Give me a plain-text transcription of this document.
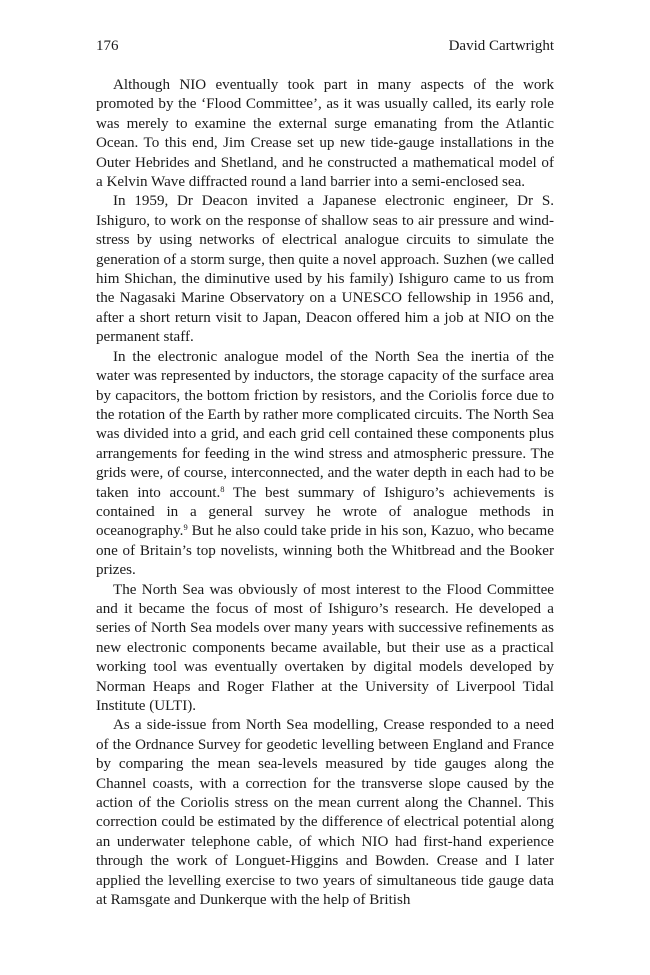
176	David Cartwright

Although NIO eventually took part in many aspects of the work promoted by the ‘Flood Committee’, as it was usually called, its early role was merely to examine the external surge emanating from the Atlantic Ocean. To this end, Jim Crease set up new tide-gauge installations in the Outer Hebrides and Shetland, and he constructed a mathematical model of a Kelvin Wave diffracted round a land barrier into a semi-enclosed sea.

In 1959, Dr Deacon invited a Japanese electronic engineer, Dr S. Ishiguro, to work on the response of shallow seas to air pressure and wind-stress by using networks of electrical analogue circuits to simulate the generation of a storm surge, then quite a novel approach. Suzhen (we called him Shichan, the diminutive used by his family) Ishiguro came to us from the Nagasaki Marine Observatory on a UNESCO fellowship in 1956 and, after a short return visit to Japan, Deacon offered him a job at NIO on the permanent staff.

In the electronic analogue model of the North Sea the inertia of the water was represented by inductors, the storage capacity of the surface area by capacitors, the bottom friction by resistors, and the Coriolis force due to the rotation of the Earth by rather more complicated circuits. The North Sea was divided into a grid, and each grid cell contained these components plus arrangements for feeding in the wind stress and atmospheric pressure. The grids were, of course, interconnected, and the water depth in each had to be taken into account.$^8$ The best summary of Ishiguro’s achievements is contained in a general survey he wrote of analogue methods in oceanography.$^9$ But he also could take pride in his son, Kazuo, who became one of Britain’s top novelists, winning both the Whitbread and the Booker prizes.

The North Sea was obviously of most interest to the Flood Committee and it became the focus of most of Ishiguro’s research. He developed a series of North Sea models over many years with successive refinements as new electronic components became available, but their use as a practical working tool was eventually overtaken by digital models developed by Norman Heaps and Roger Flather at the University of Liverpool Tidal Institute (ULTI).

As a side-issue from North Sea modelling, Crease responded to a need of the Ordnance Survey for geodetic levelling between England and France by comparing the mean sea-levels measured by tide gauges along the Channel coasts, with a correction for the transverse slope caused by the action of the Coriolis stress on the mean current along the Channel. This correction could be estimated by the difference of electrical potential along an underwater telephone cable, of which NIO had first-hand experience through the work of Longuet-Higgins and Bowden. Crease and I later applied the levelling exercise to two years of simultaneous tide gauge data at Ramsgate and Dunkerque with the help of British
